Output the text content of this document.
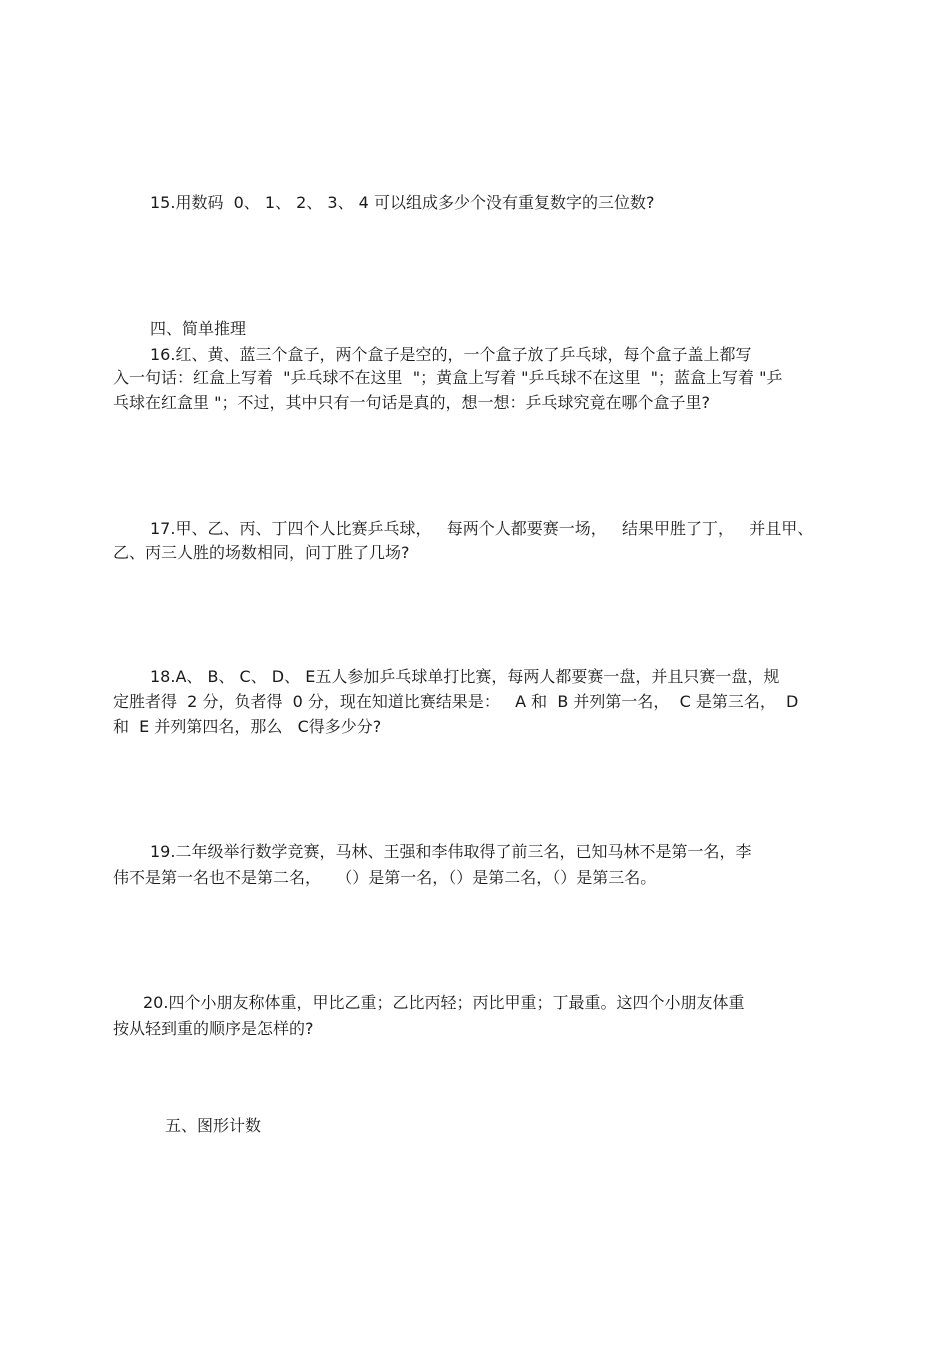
15.用数码  0、 1、 2、 3、 4 可以组成多少个没有重复数字的三位数?
四、简单推理
16.红、黄、蓝三个盒子，两个盒子是空的，一个盒子放了乒乓球，每个盒子盖上都写
入一句话：红盒上写着  "乒乓球不在这里  "；黄盒上写着 "乒乓球不在这里  "；蓝盒上写着 "乒
乓球在红盒里 "；不过，其中只有一句话是真的，想一想：乒乓球究竟在哪个盒子里?
17.甲、乙、丙、丁四个人比赛乒乓球，   每两个人都要赛一场，   结果甲胜了丁，   并且甲、
乙、丙三人胜的场数相同，问丁胜了几场?
18.A、 B、 C、 D、 E五人参加乒乓球单打比赛，每两人都要赛一盘，并且只赛一盘，规
定胜者得  2 分，负者得  0 分，现在知道比赛结果是：   A 和  B 并列第一名，  C 是第三名，  D
和  E 并列第四名，那么   C得多少分?
19.二年级举行数学竞赛，马林、王强和李伟取得了前三名，已知马林不是第一名，李
伟不是第一名也不是第二名，   （）是第一名，（）是第二名，（）是第三名。
20.四个小朋友称体重，甲比乙重；乙比丙轻；丙比甲重；丁最重。这四个小朋友体重
按从轻到重的顺序是怎样的?
五、图形计数
